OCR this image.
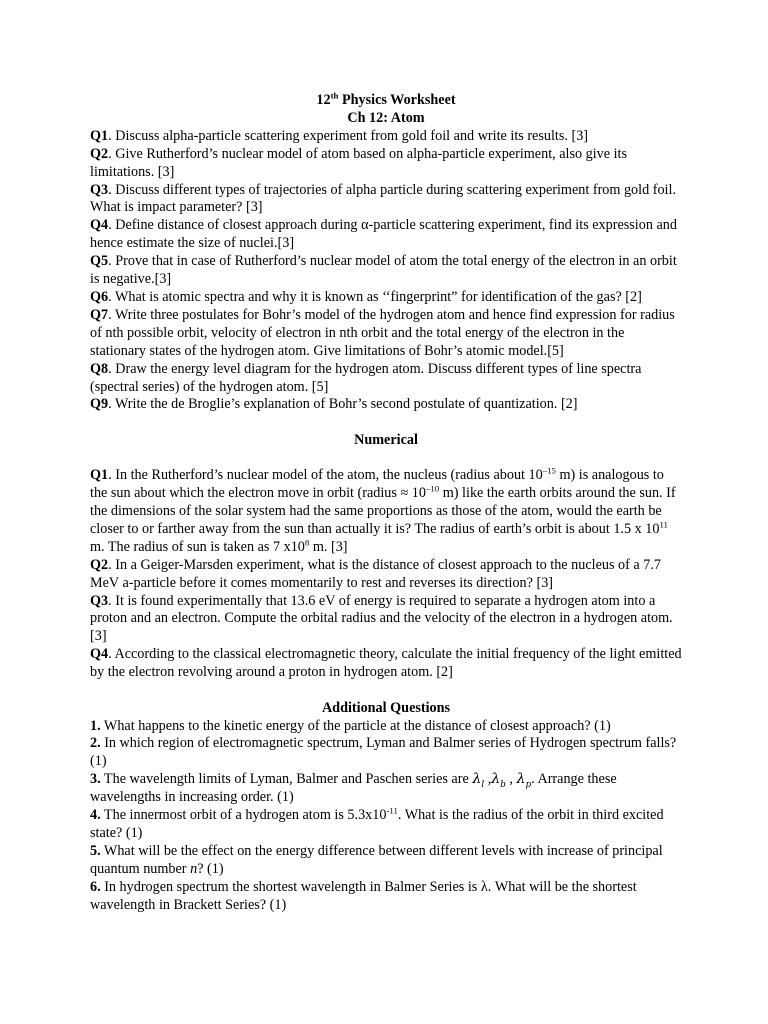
12th Physics Worksheet

Ch 12: Atom

Q1. Discuss alpha-particle scattering experiment from gold foil and write its results. [3]

Q2. Give Rutherford’s nuclear model of atom based on alpha-particle experiment, also give its limitations. [3]

Q3. Discuss different types of trajectories of alpha particle during scattering experiment from gold foil. What is impact parameter? [3]

Q4. Define distance of closest approach during α-particle scattering experiment, find its expression and hence estimate the size of nuclei.[3]

Q5. Prove that in case of Rutherford’s nuclear model of atom the total energy of the electron in an orbit is negative.[3]

Q6. What is atomic spectra and why it is known as ‘‘fingerprint” for identification of the gas? [2]

Q7. Write three postulates for Bohr’s model of the hydrogen atom and hence find expression for radius of nth possible orbit, velocity of electron in nth orbit and the total energy of the electron in the stationary states of the hydrogen atom. Give limitations of Bohr’s atomic model.[5]

Q8. Draw the energy level diagram for the hydrogen atom. Discuss different types of line spectra (spectral series) of the hydrogen atom. [5]

Q9. Write the de Broglie’s explanation of Bohr’s second postulate of quantization. [2]

Numerical

Q1. In the Rutherford’s nuclear model of the atom, the nucleus (radius about $10^{-15}$ m) is analogous to the sun about which the electron move in orbit (radius ≈ $10^{-10}$ m) like the earth orbits around the sun. If the dimensions of the solar system had the same proportions as those of the atom, would the earth be closer to or farther away from the sun than actually it is? The radius of earth’s orbit is about 1.5 x $10^{11}$ m. The radius of sun is taken as 7 $x10^8$ m. [3]

Q2. In a Geiger-Marsden experiment, what is the distance of closest approach to the nucleus of a 7.7 MeV a-particle before it comes momentarily to rest and reverses its direction? [3]

Q3. It is found experimentally that 13.6 eV of energy is required to separate a hydrogen atom into a proton and an electron. Compute the orbital radius and the velocity of the electron in a hydrogen atom. [3]

Q4. According to the classical electromagnetic theory, calculate the initial frequency of the light emitted by the electron revolving around a proton in hydrogen atom. [2]

Additional Questions

1. What happens to the kinetic energy of the particle at the distance of closest approach? (1)

2. In which region of electromagnetic spectrum, Lyman and Balmer series of Hydrogen spectrum falls? (1)

3. The wavelength limits of Lyman, Balmer and Paschen series are $\lambda_l$ $,\lambda_b$ , $\lambda_p$. Arrange these wavelengths in increasing order. (1)

4. The innermost orbit of a hydrogen atom is $5.3x10^{-11}$. What is the radius of the orbit in third excited state? (1)

5. What will be the effect on the energy difference between different levels with increase of principal quantum number n? (1)

6. In hydrogen spectrum the shortest wavelength in Balmer Series is λ. What will be the shortest wavelength in Brackett Series? (1)
